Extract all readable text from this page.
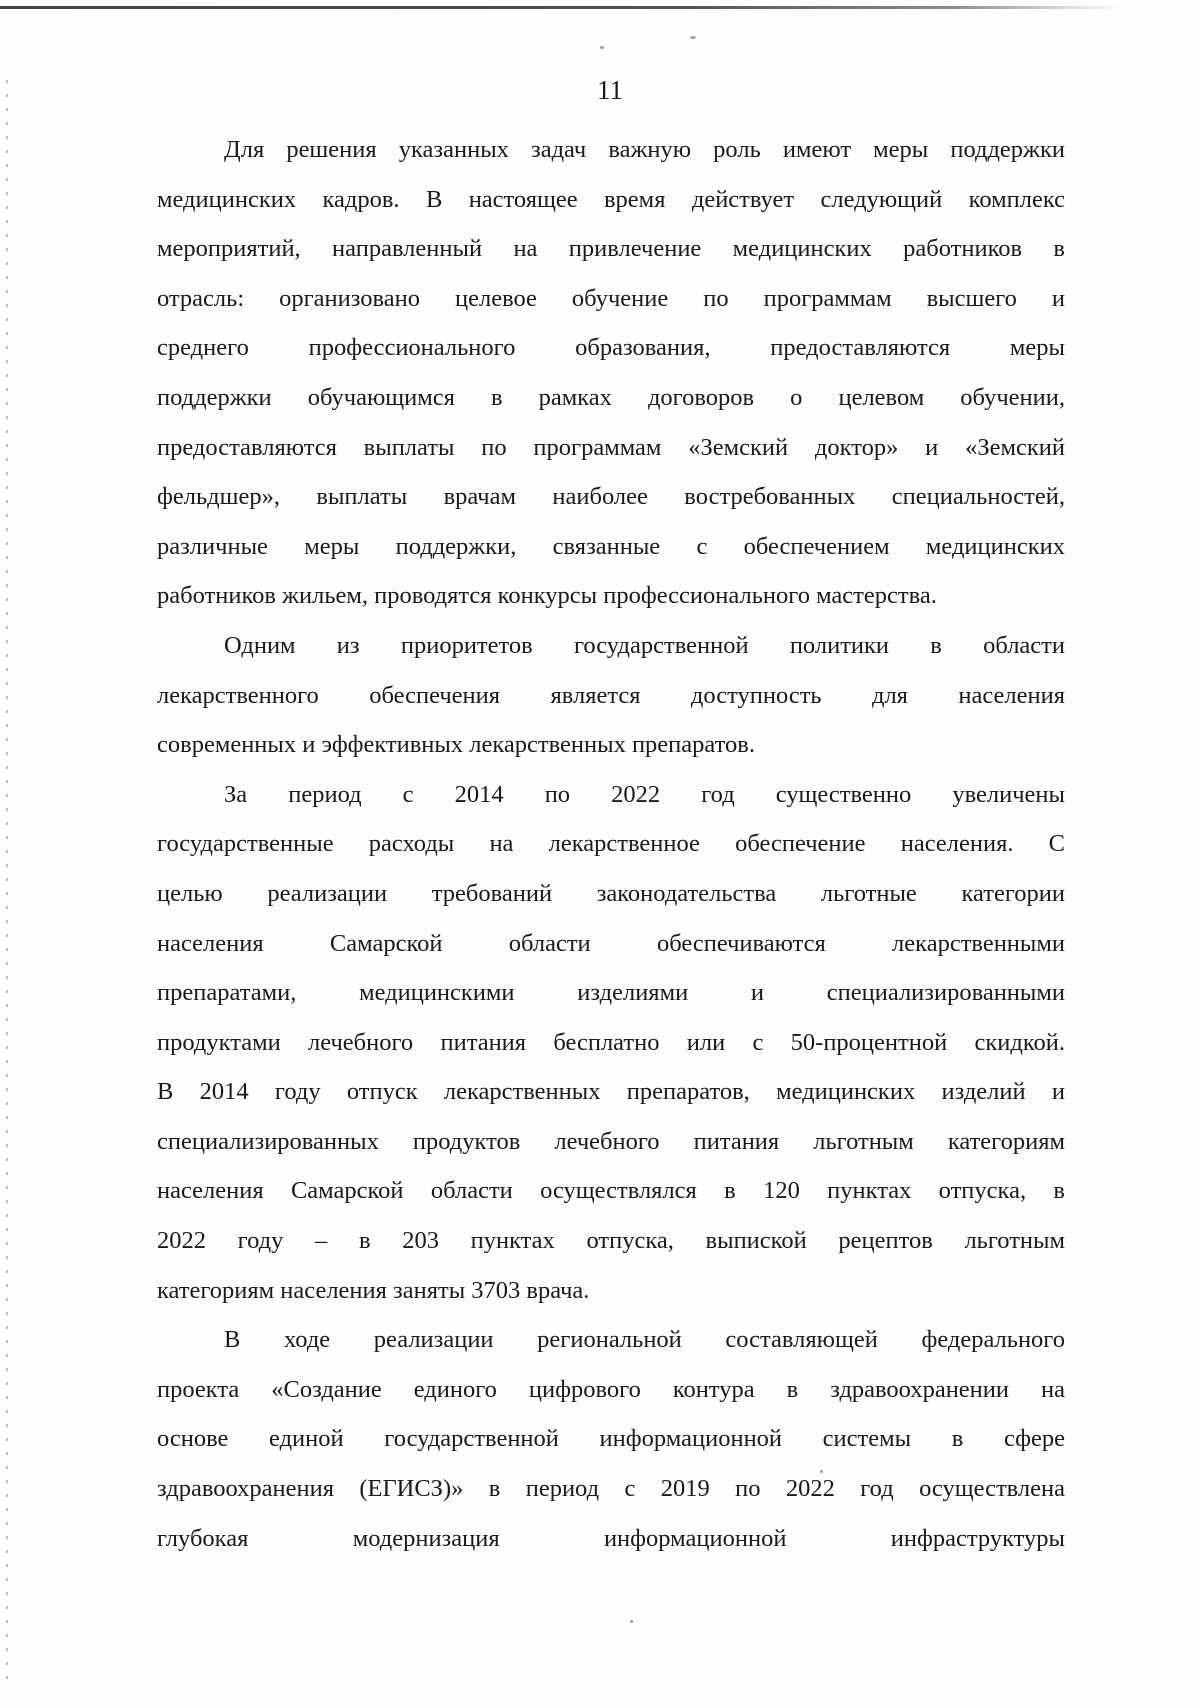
11
Для решения указанных задач важную роль имеют меры поддержки
медицинских кадров. В настоящее время действует следующий комплекс
мероприятий, направленный на привлечение медицинских работников в
отрасль: организовано целевое обучение по программам высшего и
среднего профессионального образования, предоставляются меры
поддержки обучающимся в рамках договоров о целевом обучении,
предоставляются выплаты по программам «Земский доктор» и «Земский
фельдшер», выплаты врачам наиболее востребованных специальностей,
различные меры поддержки, связанные с обеспечением медицинских
работников жильем, проводятся конкурсы профессионального мастерства.
Одним из приоритетов государственной политики в области
лекарственного обеспечения является доступность для населения
современных и эффективных лекарственных препаратов.
За период с 2014 по 2022 год существенно увеличены
государственные расходы на лекарственное обеспечение населения. С
целью реализации требований законодательства льготные категории
населения Самарской области обеспечиваются лекарственными
препаратами, медицинскими изделиями и специализированными
продуктами лечебного питания бесплатно или с 50-процентной скидкой.
В 2014 году отпуск лекарственных препаратов, медицинских изделий и
специализированных продуктов лечебного питания льготным категориям
населения Самарской области осуществлялся в 120 пунктах отпуска, в
2022 году – в 203 пунктах отпуска, выпиской рецептов льготным
категориям населения заняты 3703 врача.
В ходе реализации региональной составляющей федерального
проекта «Создание единого цифрового контура в здравоохранении на
основе единой государственной информационной системы в сфере
здравоохранения (ЕГИСЗ)» в период с 2019 по 2022 год осуществлена
глубокая модернизация информационной инфраструктуры
